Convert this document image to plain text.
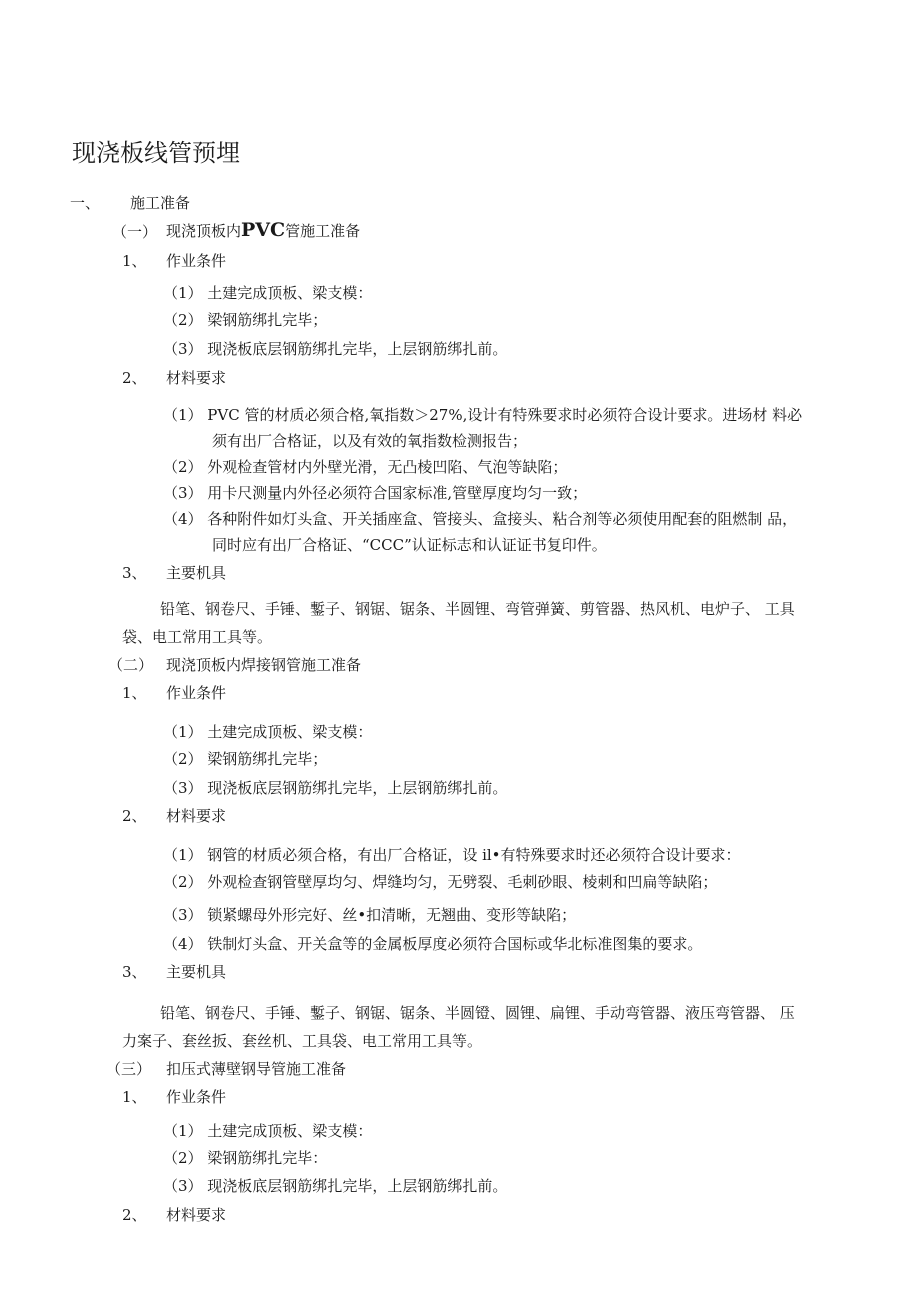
现浇板线管预埋
一、 施工准备
（一） 现浇顶板内PVC管施工准备
1、 作业条件
（1） 土建完成顶板、梁支模：
（2） 梁钢筋绑扎完毕；
（3） 现浇板底层钢筋绑扎完毕，上层钢筋绑扎前。
2、 材料要求
（1） PVC 管的材质必须合格,氧指数＞27%,设计有特殊要求时必须符合设计要求。进场材 料必
须有出厂合格证，以及有效的氧指数检测报告；
（2） 外观检查管材内外壁光滑，无凸棱凹陷、气泡等缺陷；
（3） 用卡尺测量内外径必须符合国家标准,管壁厚度均匀一致；
（4） 各种附件如灯头盒、开关插座盒、管接头、盒接头、粘合剂等必须使用配套的阻燃制 品，
同时应有出厂合格证、“CCC”认证标志和认证证书复印件。
3、 主要机具
铅笔、钢卷尺、手锤、鏨子、钢锯、锯条、半圆锂、弯管弹簧、剪管器、热风机、电炉子、 工具
袋、电工常用工具等。
（二） 现浇顶板内焊接钢管施工准备
1、 作业条件
（1） 土建完成顶板、梁支模：
（2） 梁钢筋绑扎完毕；
（3） 现浇板底层钢筋绑扎完毕，上层钢筋绑扎前。
2、 材料要求
（1） 钢管的材质必须合格，有出厂合格证，设 il•有特殊要求时还必须符合设计要求：
（2） 外观检查钢管壁厚均匀、焊缝均匀，无劈裂、毛刺砂眼、棱刺和凹扁等缺陷；
（3） 锁紧螺母外形完好、丝•扣清晰，无翘曲、变形等缺陷；
（4） 铁制灯头盒、开关盒等的金属板厚度必须符合国标或华北标准图集的要求。
3、 主要机具
铅笔、钢卷尺、手锤、鏨子、钢锯、锯条、半圆镫、圆锂、扁锂、手动弯管器、液压弯管器、 压
力案子、套丝扳、套丝机、工具袋、电工常用工具等。
（三） 扣压式薄壁钢导管施工准备
1、 作业条件
（1） 土建完成顶板、梁支模：
（2） 梁钢筋绑扎完毕：
（3） 现浇板底层钢筋绑扎完毕，上层钢筋绑扎前。
2、 材料要求
